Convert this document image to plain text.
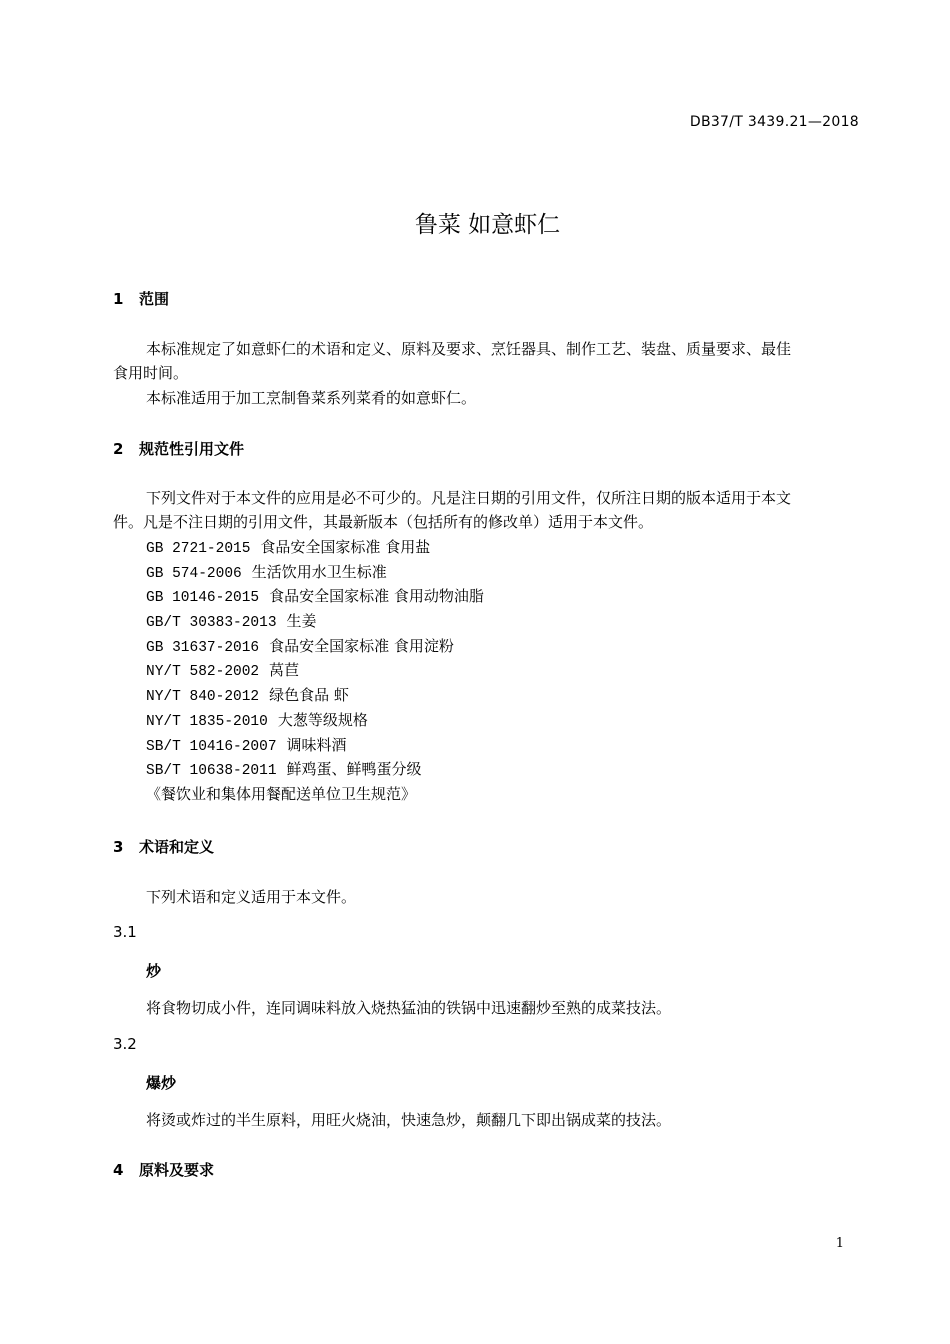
DB37/T 3439.21—2018
鲁菜 如意虾仁
1 范围
本标准规定了如意虾仁的术语和定义、原料及要求、烹饪器具、制作工艺、装盘、质量要求、最佳
食用时间。
本标准适用于加工烹制鲁菜系列菜肴的如意虾仁。
2 规范性引用文件
下列文件对于本文件的应用是必不可少的。凡是注日期的引用文件，仅所注日期的版本适用于本文
件。凡是不注日期的引用文件，其最新版本（包括所有的修改单）适用于本文件。
GB 2721-2015 食品安全国家标准 食用盐
GB 574-2006 生活饮用水卫生标准
GB 10146-2015 食品安全国家标准 食用动物油脂
GB/T 30383-2013 生姜
GB 31637-2016 食品安全国家标准 食用淀粉
NY/T 582-2002 莴苣
NY/T 840-2012 绿色食品 虾
NY/T 1835-2010 大葱等级规格
SB/T 10416-2007 调味料酒
SB/T 10638-2011 鲜鸡蛋、鲜鸭蛋分级
《餐饮业和集体用餐配送单位卫生规范》
3 术语和定义
下列术语和定义适用于本文件。
3.1
炒
将食物切成小件，连同调味料放入烧热猛油的铁锅中迅速翻炒至熟的成菜技法。
3.2
爆炒
将烫或炸过的半生原料，用旺火烧油，快速急炒，颠翻几下即出锅成菜的技法。
4 原料及要求
1
